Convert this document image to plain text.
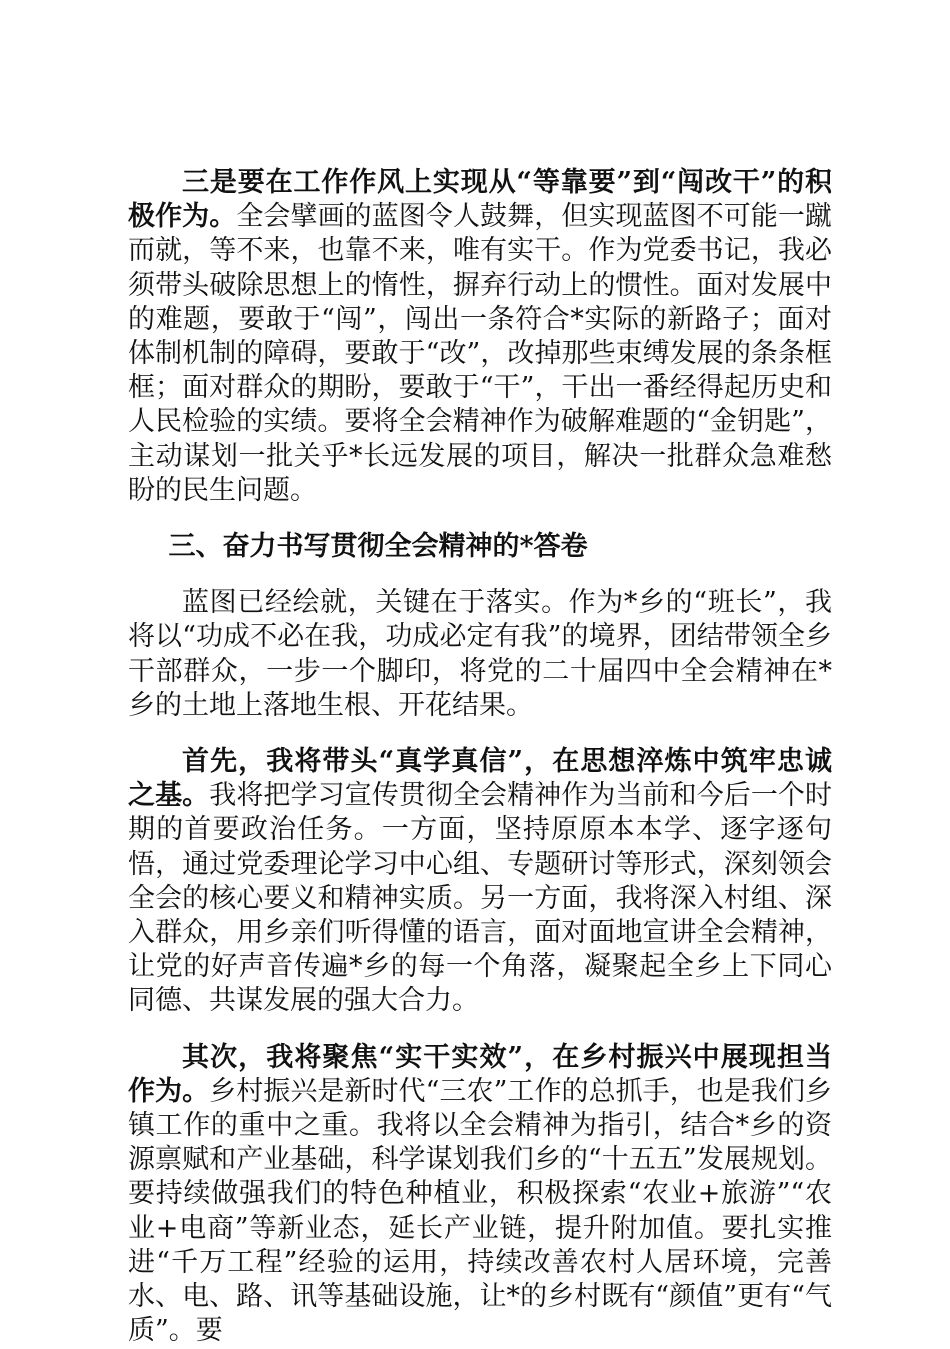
三是要在工作作风上实现从“等靠要”到“闯改干”的积极作为。全会擘画的蓝图令人鼓舞，但实现蓝图不可能一蹴而就，等不来，也靠不来，唯有实干。作为党委书记，我必须带头破除思想上的惰性，摒弃行动上的惯性。面对发展中的难题，要敢于“闯”，闯出一条符合*实际的新路子；面对体制机制的障碍，要敢于“改”，改掉那些束缚发展的条条框框；面对群众的期盼，要敢于“干”，干出一番经得起历史和人民检验的实绩。要将全会精神作为破解难题的“金钥匙”，主动谋划一批关乎*长远发展的项目，解决一批群众急难愁盼的民生问题。

三、奋力书写贯彻全会精神的*答卷

蓝图已经绘就，关键在于落实。作为*乡的“班长”，我将以“功成不必在我，功成必定有我”的境界，团结带领全乡干部群众，一步一个脚印，将党的二十届四中全会精神在*乡的土地上落地生根、开花结果。

首先，我将带头“真学真信”，在思想淬炼中筑牢忠诚之基。我将把学习宣传贯彻全会精神作为当前和今后一个时期的首要政治任务。一方面，坚持原原本本学、逐字逐句悟，通过党委理论学习中心组、专题研讨等形式，深刻领会全会的核心要义和精神实质。另一方面，我将深入村组、深入群众，用乡亲们听得懂的语言，面对面地宣讲全会精神，让党的好声音传遍*乡的每一个角落，凝聚起全乡上下同心同德、共谋发展的强大合力。

其次，我将聚焦“实干实效”，在乡村振兴中展现担当作为。乡村振兴是新时代“三农”工作的总抓手，也是我们乡镇工作的重中之重。我将以全会精神为指引，结合*乡的资源禀赋和产业基础，科学谋划我们乡的“十五五”发展规划。要持续做强我们的特色种植业，积极探索“农业+旅游”“农业+电商”等新业态，延长产业链，提升附加值。要扎实推进“千万工程”经验的运用，持续改善农村人居环境，完善水、电、路、讯等基础设施，让*的乡村既有“颜值”更有“气质”。要
